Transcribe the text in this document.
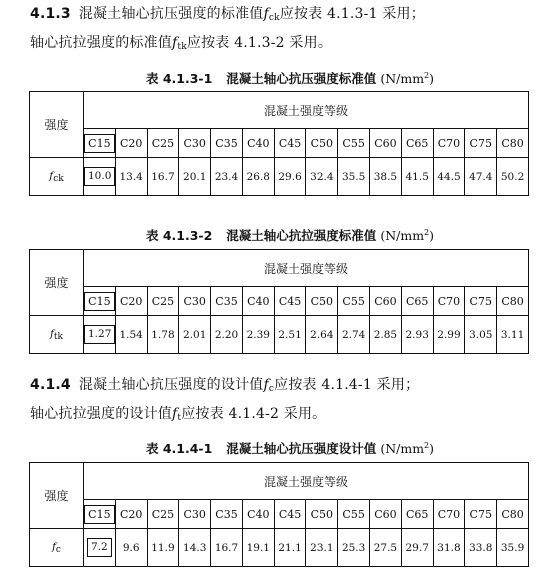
4.1.3 混凝土轴心抗压强度的标准值$f_{ck}$应按表 4.1.3-1 采用；
轴心抗拉强度的标准值$f_{tk}$应按表 4.1.3-2 采用。
表 4.1.3-1 混凝土轴心抗压强度标准值 $(N/mm^2)$
强度	混凝土强度等级													
	C15	C20	C25	C30	C35	C40	C45	C50	C55	C60	C65	C70	C75	C80
fck	10.0	13.4	16.7	20.1	23.4	26.8	29.6	32.4	35.5	38.5	41.5	44.5	47.4	50.2
表 4.1.3-2 混凝土轴心抗拉强度标准值 $(N/mm^2)$
强度	混凝土强度等级													
	C15	C20	C25	C30	C35	C40	C45	C50	C55	C60	C65	C70	C75	C80
ftk	1.27	1.54	1.78	2.01	2.20	2.39	2.51	2.64	2.74	2.85	2.93	2.99	3.05	3.11
4.1.4 混凝土轴心抗压强度的设计值$f_c$应按表 4.1.4-1 采用；
轴心抗拉强度的设计值$f_t$应按表 4.1.4-2 采用。
表 4.1.4-1 混凝土轴心抗压强度设计值 $(N/mm^2)$
强度	混凝土强度等级													
	C15	C20	C25	C30	C35	C40	C45	C50	C55	C60	C65	C70	C75	C80
fc	7.2	9.6	11.9	14.3	16.7	19.1	21.1	23.1	25.3	27.5	29.7	31.8	33.8	35.9
